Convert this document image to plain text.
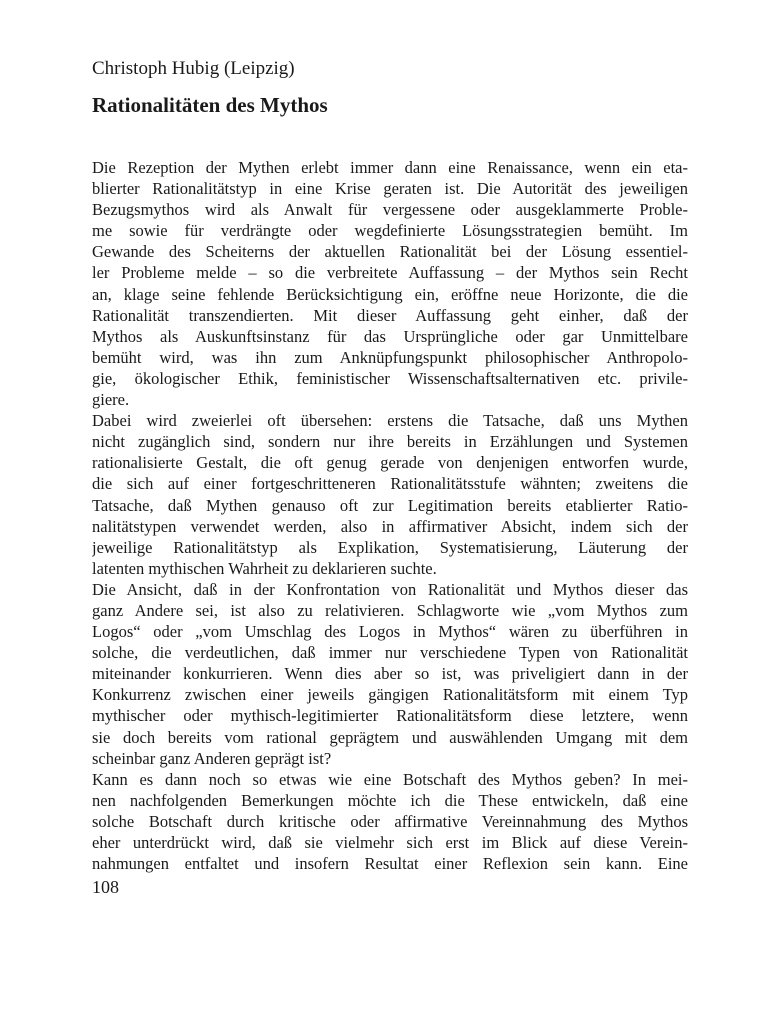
Christoph Hubig (Leipzig)
Rationalitäten des Mythos

Die Rezeption der Mythen erlebt immer dann eine Renaissance, wenn ein eta-
blierter Rationalitätstyp in eine Krise geraten ist. Die Autorität des jeweiligen
Bezugsmythos wird als Anwalt für vergessene oder ausgeklammerte Proble-
me sowie für verdrängte oder wegdefinierte Lösungsstrategien bemüht. Im
Gewande des Scheiterns der aktuellen Rationalität bei der Lösung essentiel-
ler Probleme melde – so die verbreitete Auffassung – der Mythos sein Recht
an, klage seine fehlende Berücksichtigung ein, eröffne neue Horizonte, die die
Rationalität transzendierten. Mit dieser Auffassung geht einher, daß der
Mythos als Auskunftsinstanz für das Ursprüngliche oder gar Unmittelbare
bemüht wird, was ihn zum Anknüpfungspunkt philosophischer Anthropolo-
gie, ökologischer Ethik, feministischer Wissenschaftsalternativen etc. privile-
giere.

Dabei wird zweierlei oft übersehen: erstens die Tatsache, daß uns Mythen
nicht zugänglich sind, sondern nur ihre bereits in Erzählungen und Systemen
rationalisierte Gestalt, die oft genug gerade von denjenigen entworfen wurde,
die sich auf einer fortgeschritteneren Rationalitätsstufe wähnten; zweitens die
Tatsache, daß Mythen genauso oft zur Legitimation bereits etablierter Ratio-
nalitätstypen verwendet werden, also in affirmativer Absicht, indem sich der
jeweilige Rationalitätstyp als Explikation, Systematisierung, Läuterung der
latenten mythischen Wahrheit zu deklarieren suchte.

Die Ansicht, daß in der Konfrontation von Rationalität und Mythos dieser das
ganz Andere sei, ist also zu relativieren. Schlagworte wie „vom Mythos zum
Logos“ oder „vom Umschlag des Logos in Mythos“ wären zu überführen in
solche, die verdeutlichen, daß immer nur verschiedene Typen von Rationalität
miteinander konkurrieren. Wenn dies aber so ist, was priveligiert dann in der
Konkurrenz zwischen einer jeweils gängigen Rationalitätsform mit einem Typ
mythischer oder mythisch-legitimierter Rationalitätsform diese letztere, wenn
sie doch bereits vom rational geprägtem und auswählenden Umgang mit dem
scheinbar ganz Anderen geprägt ist?

Kann es dann noch so etwas wie eine Botschaft des Mythos geben? In mei-
nen nachfolgenden Bemerkungen möchte ich die These entwickeln, daß eine
solche Botschaft durch kritische oder affirmative Vereinnahmung des Mythos
eher unterdrückt wird, daß sie vielmehr sich erst im Blick auf diese Verein-
nahmungen entfaltet und insofern Resultat einer Reflexion sein kann. Eine

108
